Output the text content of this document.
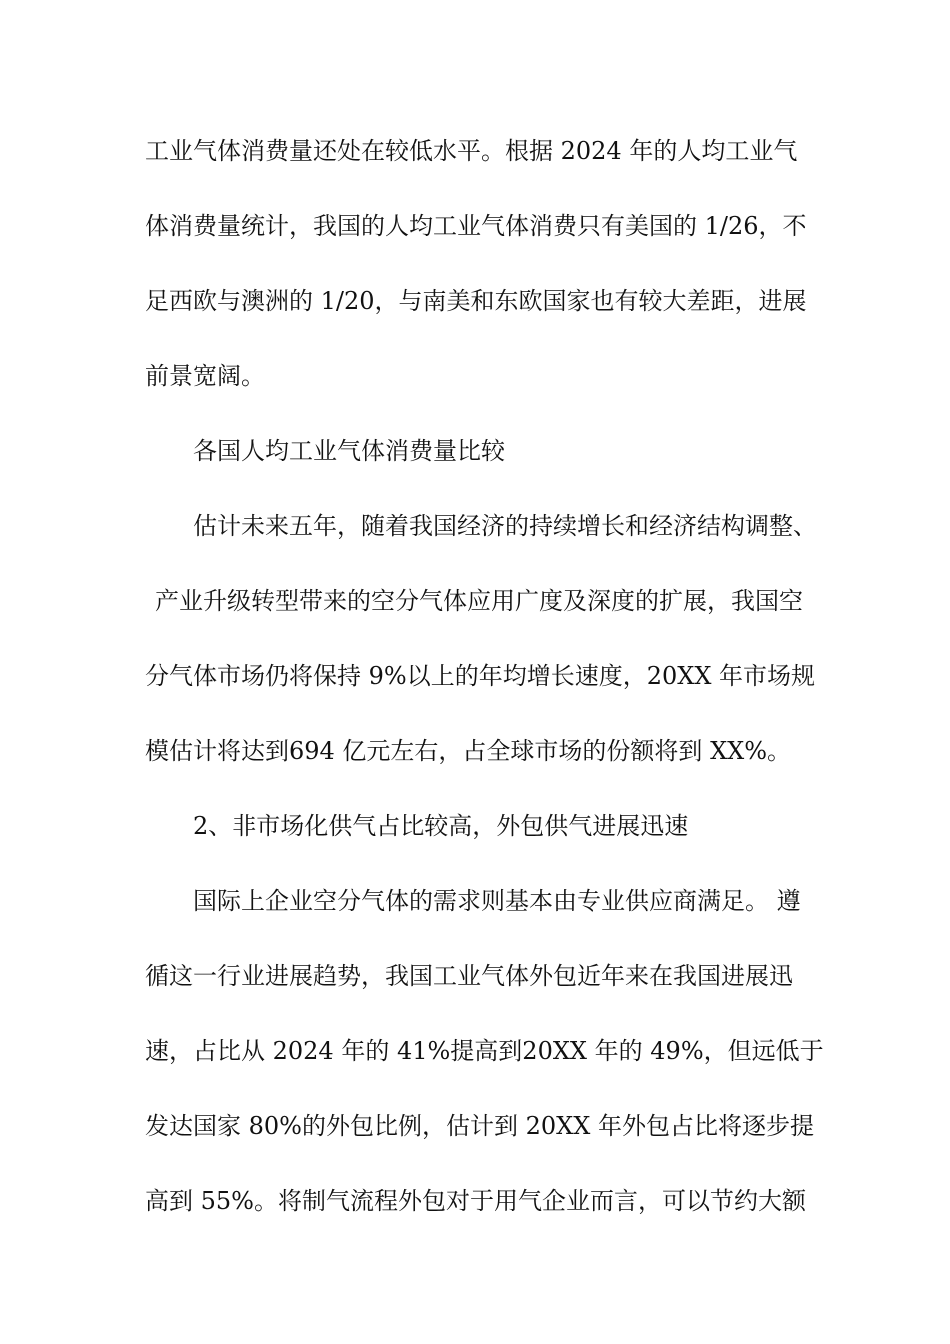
工业气体消费量还处在较低水平。根据 2024 年的人均工业气
体消费量统计，我国的人均工业气体消费只有美国的 1/26，不
足西欧与澳洲的 1/20，与南美和东欧国家也有较大差距，进展
前景宽阔。
各国人均工业气体消费量比较
估计未来五年，随着我国经济的持续增长和经济结构调整、
产业升级转型带来的空分气体应用广度及深度的扩展，我国空
分气体市场仍将保持 9%以上的年均增长速度，20XX 年市场规
模估计将达到694 亿元左右，占全球市场的份额将到 XX%。
2、非市场化供气占比较高，外包供气进展迅速
国际上企业空分气体的需求则基本由专业供应商满足。 遵
循这一行业进展趋势，我国工业气体外包近年来在我国进展迅
速，占比从 2024 年的 41%提高到20XX 年的 49%，但远低于
发达国家 80%的外包比例，估计到 20XX 年外包占比将逐步提
高到 55%。将制气流程外包对于用气企业而言，可以节约大额
